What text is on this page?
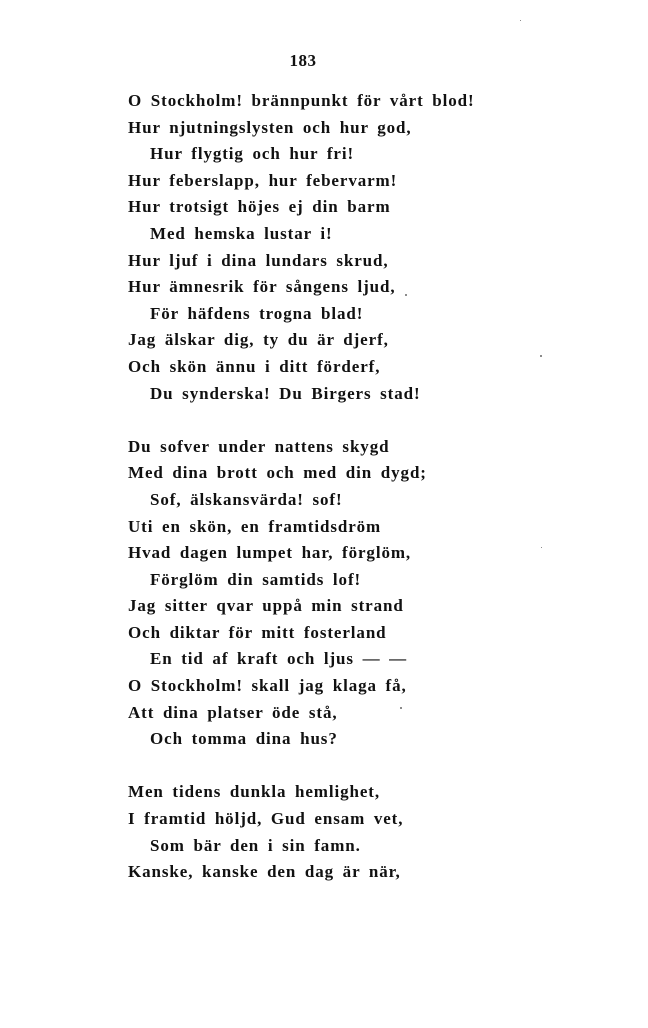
183
O Stockholm! brännpunkt för vårt blod!
Hur njutningslysten och hur god,
Hur flygtig och hur fri!
Hur feberslapp, hur febervarm!
Hur trotsigt höjes ej din barm
Med hemska lustar i!
Hur ljuf i dina lundars skrud,
Hur ämnesrik för sångens ljud,
För häfdens trogna blad!
Jag älskar dig, ty du är djerf,
Och skön ännu i ditt förderf,
Du synderska! Du Birgers stad!
Du sofver under nattens skygd
Med dina brott och med din dygd;
Sof, älskansvärda! sof!
Uti en skön, en framtidsdröm
Hvad dagen lumpet har, förglöm,
Förglöm din samtids lof!
Jag sitter qvar uppå min strand
Och diktar för mitt fosterland
En tid af kraft och ljus — —
O Stockholm! skall jag klaga få,
Att dina platser öde stå,
Och tomma dina hus?
Men tidens dunkla hemlighet,
I framtid höljd, Gud ensam vet,
Som bär den i sin famn.
Kanske, kanske den dag är när,
